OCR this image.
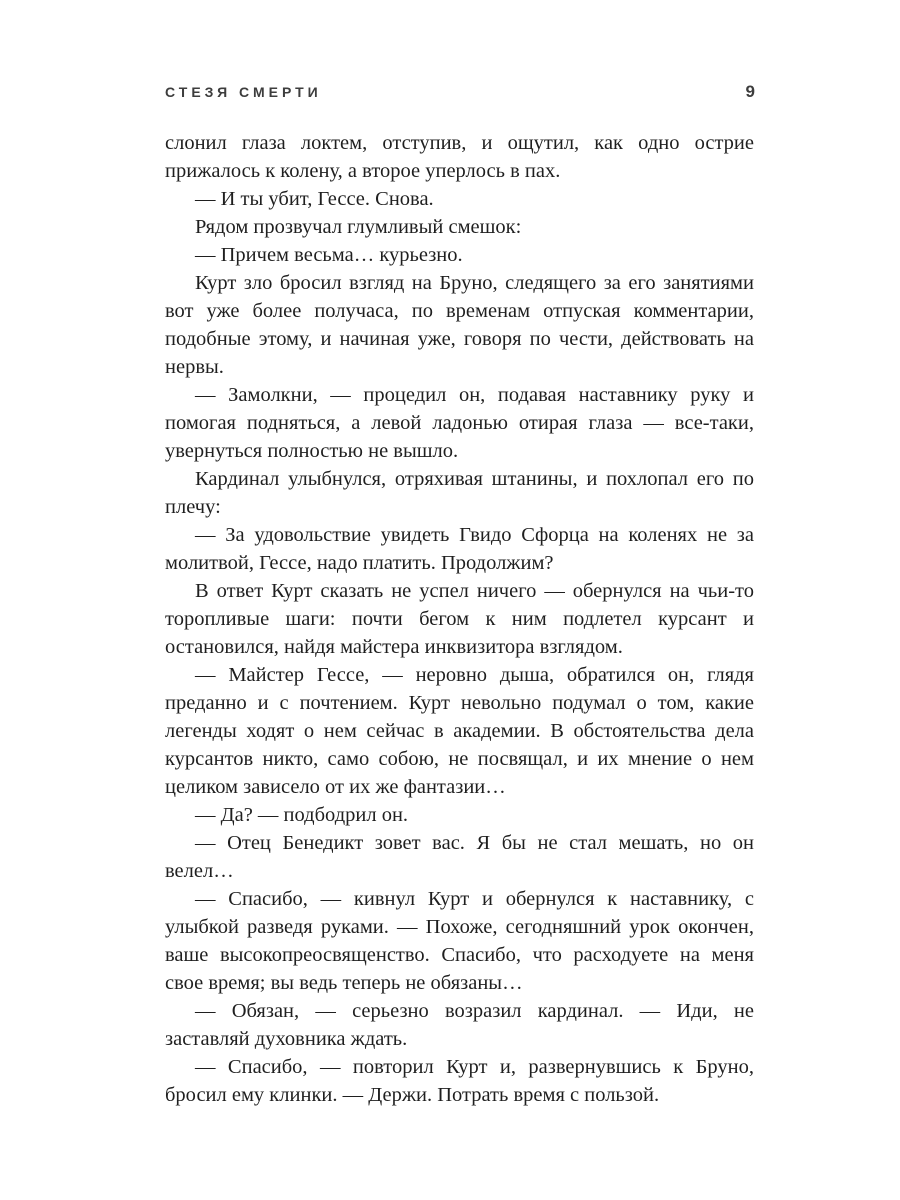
СТЕЗЯ СМЕРТИ	9

слонил глаза локтем, отступив, и ощутил, как одно острие прижалось к колену, а второе уперлось в пах.

— И ты убит, Гессе. Снова.

Рядом прозвучал глумливый смешок:

— Причем весьма… курьезно.

Курт зло бросил взгляд на Бруно, следящего за его занятиями вот уже более получаса, по временам отпуская комментарии, подобные этому, и начиная уже, говоря по чести, действовать на нервы.

— Замолкни, — процедил он, подавая наставнику руку и помогая подняться, а левой ладонью отирая глаза — все-таки, увернуться полностью не вышло.

Кардинал улыбнулся, отряхивая штанины, и похлопал его по плечу:

— За удовольствие увидеть Гвидо Сфорца на коленях не за молитвой, Гессе, надо платить. Продолжим?

В ответ Курт сказать не успел ничего — обернулся на чьи-то торопливые шаги: почти бегом к ним подлетел курсант и остановился, найдя майстера инквизитора взглядом.

— Майстер Гессе, — неровно дыша, обратился он, глядя преданно и с почтением. Курт невольно подумал о том, какие легенды ходят о нем сейчас в академии. В обстоятельства дела курсантов никто, само собою, не посвящал, и их мнение о нем целиком зависело от их же фантазии…

— Да? — подбодрил он.

— Отец Бенедикт зовет вас. Я бы не стал мешать, но он велел…

— Спасибо, — кивнул Курт и обернулся к наставнику, с улыбкой разведя руками. — Похоже, сегодняшний урок окончен, ваше высокопреосвященство. Спасибо, что расходуете на меня свое время; вы ведь теперь не обязаны…

— Обязан, — серьезно возразил кардинал. — Иди, не заставляй духовника ждать.

— Спасибо, — повторил Курт и, развернувшись к Бруно, бросил ему клинки. — Держи. Потрать время с пользой.
